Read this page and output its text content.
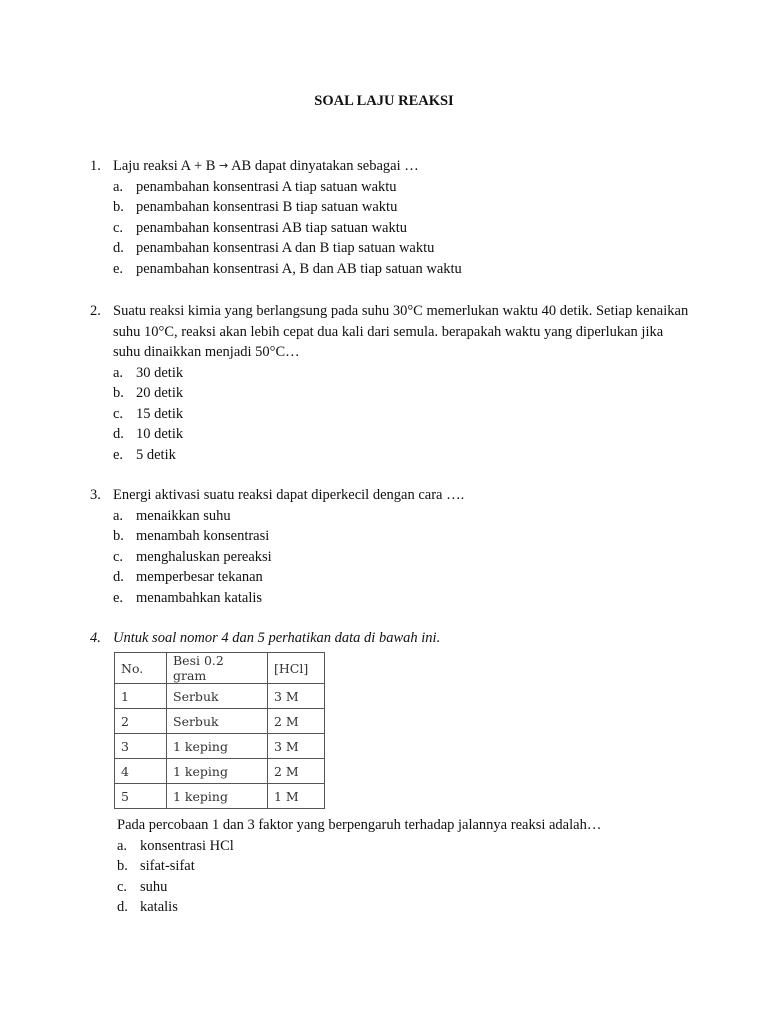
SOAL LAJU REAKSI
1. Laju reaksi A + B → AB dapat dinyatakan sebagai …
a. penambahan konsentrasi A tiap satuan waktu
b. penambahan konsentrasi B tiap satuan waktu
c. penambahan konsentrasi AB tiap satuan waktu
d. penambahan konsentrasi A dan B tiap satuan waktu
e. penambahan konsentrasi A, B dan AB tiap satuan waktu
2. Suatu reaksi kimia yang berlangsung pada suhu 30°C memerlukan waktu 40 detik. Setiap kenaikan suhu 10°C, reaksi akan lebih cepat dua kali dari semula. berapakah waktu yang diperlukan jika suhu dinaikkan menjadi 50°C…
a. 30 detik
b. 20 detik
c. 15 detik
d. 10 detik
e. 5 detik
3. Energi aktivasi suatu reaksi dapat diperkecil dengan cara ….
a. menaikkan suhu
b. menambah konsentrasi
c. menghaluskan pereaksi
d. memperbesar tekanan
e. menambahkan katalis
4. Untuk soal nomor 4 dan 5 perhatikan data di bawah ini.
No.	Besi 0.2 gram	[HCl]
1	Serbuk	3 M
2	Serbuk	2 M
3	1 keping	3 M
4	1 keping	2 M
5	1 keping	1 M
Pada percobaan 1 dan 3 faktor yang berpengaruh terhadap jalannya reaksi adalah…
a. konsentrasi HCl
b. sifat-sifat
c. suhu
d. katalis
